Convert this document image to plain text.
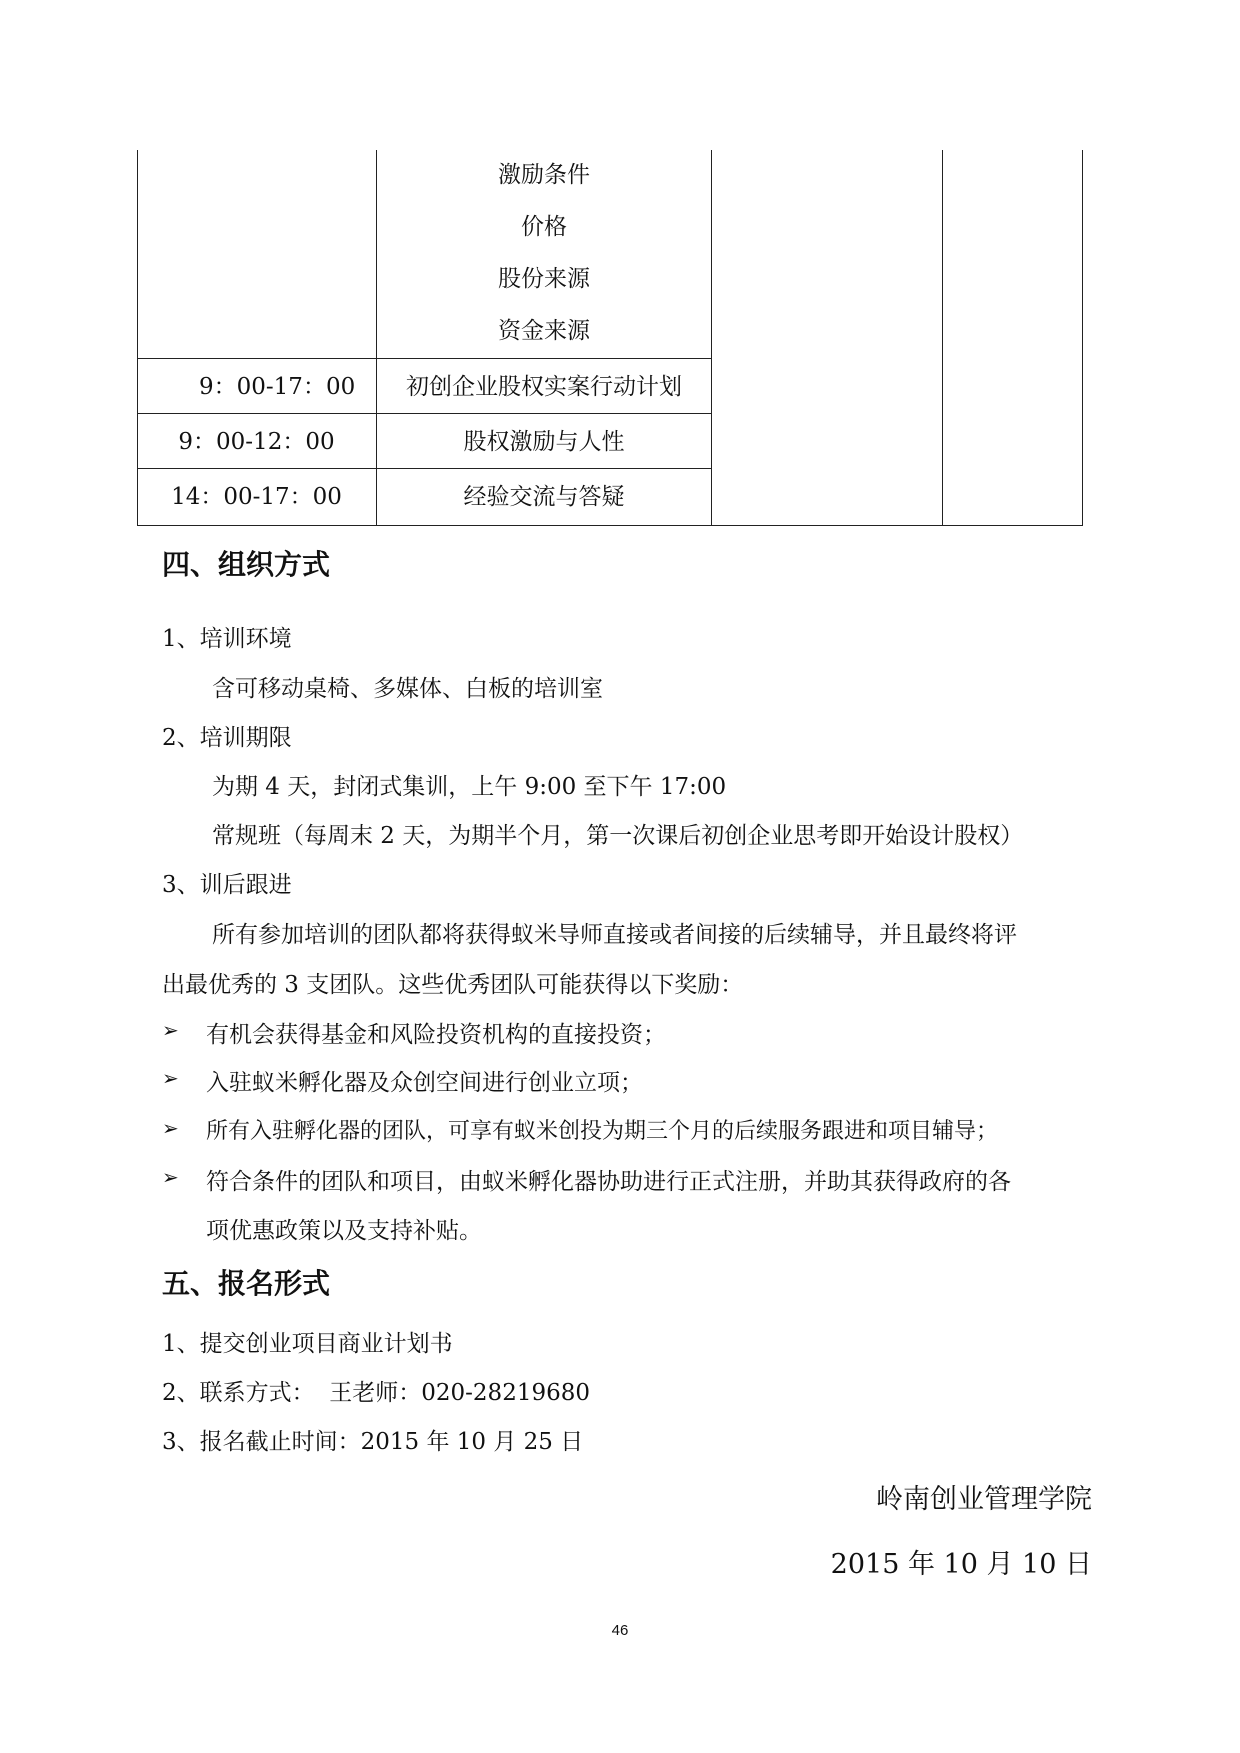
激励条件
价格
股份来源
资金来源
9：00-17：00	初创企业股权实案行动计划
9：00-12：00	股权激励与人性
14：00-17：00	经验交流与答疑
四、组织方式
1、培训环境
含可移动桌椅、多媒体、白板的培训室
2、培训期限
为期 4 天，封闭式集训，上午 9:00 至下午 17:00
常规班（每周末 2 天，为期半个月，第一次课后初创企业思考即开始设计股权）
3、训后跟进
所有参加培训的团队都将获得蚁米导师直接或者间接的后续辅导，并且最终将评
出最优秀的 3 支团队。这些优秀团队可能获得以下奖励：
➢ 有机会获得基金和风险投资机构的直接投资；
➢ 入驻蚁米孵化器及众创空间进行创业立项；
➢ 所有入驻孵化器的团队，可享有蚁米创投为期三个月的后续服务跟进和项目辅导；
➢ 符合条件的团队和项目，由蚁米孵化器协助进行正式注册，并助其获得政府的各
项优惠政策以及支持补贴。
五、报名形式
1、提交创业项目商业计划书
2、联系方式：  王老师：020-28219680
3、报名截止时间：2015 年 10 月 25 日
岭南创业管理学院
2015 年 10 月 10 日
46
